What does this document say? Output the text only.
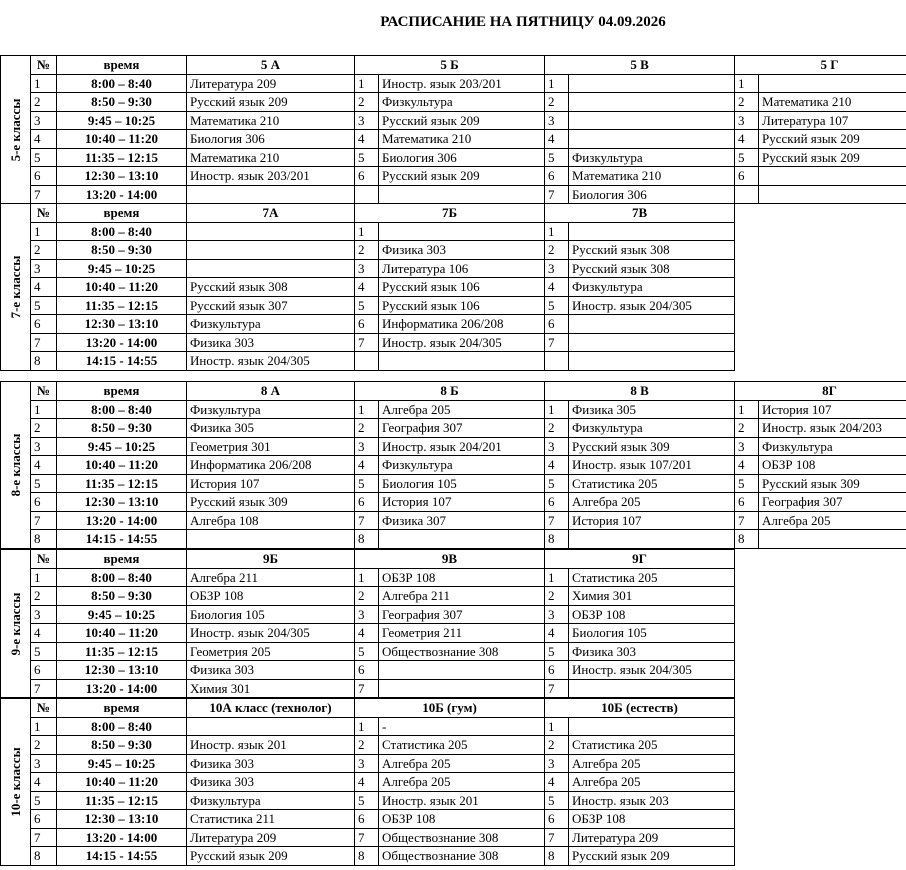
РАСПИСАНИЕ НА ПЯТНИЦУ 04.09.2026
5-е классы
№	время	5 А	5 Б		5 В		5 Г	
1	8:00 – 8:40	Литература 209	1	Иностр. язык 203/201	1		1	
2	8:50 – 9:30	Русский язык 209	2	Физкультура	2		2	Математика 210
3	9:45 – 10:25	Математика 210	3	Русский язык 209	3		3	Литература 107
4	10:40 – 11:20	Биология 306	4	Математика 210	4		4	Русский язык 209
5	11:35 – 12:15	Математика 210	5	Биология 306	5	Физкультура	5	Русский язык 209
6	12:30 – 13:10	Иностр. язык 203/201	6	Русский язык 209	6	Математика 210	6	
7	13:20 - 14:00				7	Биология 306		
7-е классы
№	время	7А	7Б		7В	
1	8:00 – 8:40		1		1	
2	8:50 – 9:30		2	Физика 303	2	Русский язык 308
3	9:45 – 10:25		3	Литература 106	3	Русский язык 308
4	10:40 – 11:20	Русский язык 308	4	Русский язык 106	4	Физкультура
5	11:35 – 12:15	Русский язык 307	5	Русский язык 106	5	Иностр. язык 204/305
6	12:30 – 13:10	Физкультура	6	Информатика 206/208	6	
7	13:20 - 14:00	Физика 303	7	Иностр. язык 204/305	7	
8	14:15 - 14:55	Иностр. язык 204/305				
8-е классы
№	время	8 А	8 Б		8 В		8Г	
1	8:00 – 8:40	Физкультура	1	Алгебра 205	1	Физика 305	1	История 107
2	8:50 – 9:30	Физика 305	2	География 307	2	Физкультура	2	Иностр. язык 204/203
3	9:45 – 10:25	Геометрия 301	3	Иностр. язык 204/201	3	Русский язык 309	3	Физкультура
4	10:40 – 11:20	Информатика 206/208	4	Физкультура	4	Иностр. язык 107/201	4	ОБЗР 108
5	11:35 – 12:15	История 107	5	Биология 105	5	Статистика 205	5	Русский язык 309
6	12:30 – 13:10	Русский язык 309	6	История 107	6	Алгебра 205	6	География 307
7	13:20 - 14:00	Алгебра 108	7	Физика 307	7	История 107	7	Алгебра 205
8	14:15 - 14:55		8		8		8	
9-е классы
№	время	9Б	9В		9Г	
1	8:00 – 8:40	Алгебра 211	1	ОБЗР 108	1	Статистика 205
2	8:50 – 9:30	ОБЗР 108	2	Алгебра 211	2	Химия 301
3	9:45 – 10:25	Биология 105	3	География 307	3	ОБЗР 108
4	10:40 – 11:20	Иностр. язык 204/305	4	Геометрия 211	4	Биология 105
5	11:35 – 12:15	Геометрия 205	5	Обществознание 308	5	Физика 303
6	12:30 – 13:10	Физика 303	6		6	Иностр. язык 204/305
7	13:20 - 14:00	Химия 301	7		7	
10-е классы
№	время	10А класс (технолог)	10Б (гум)		10Б (естеств)	
1	8:00 – 8:40		1	-	1	
2	8:50 – 9:30	Иностр. язык 201	2	Статистика 205	2	Статистика 205
3	9:45 – 10:25	Физика 303	3	Алгебра 205	3	Алгебра 205
4	10:40 – 11:20	Физика 303	4	Алгебра 205	4	Алгебра 205
5	11:35 – 12:15	Физкультура	5	Иностр. язык 201	5	Иностр. язык 203
6	12:30 – 13:10	Статистика 211	6	ОБЗР 108	6	ОБЗР 108
7	13:20 - 14:00	Литература 209	7	Обществознание 308	7	Литература 209
8	14:15 - 14:55	Русский язык 209	8	Обществознание 308	8	Русский язык 209
